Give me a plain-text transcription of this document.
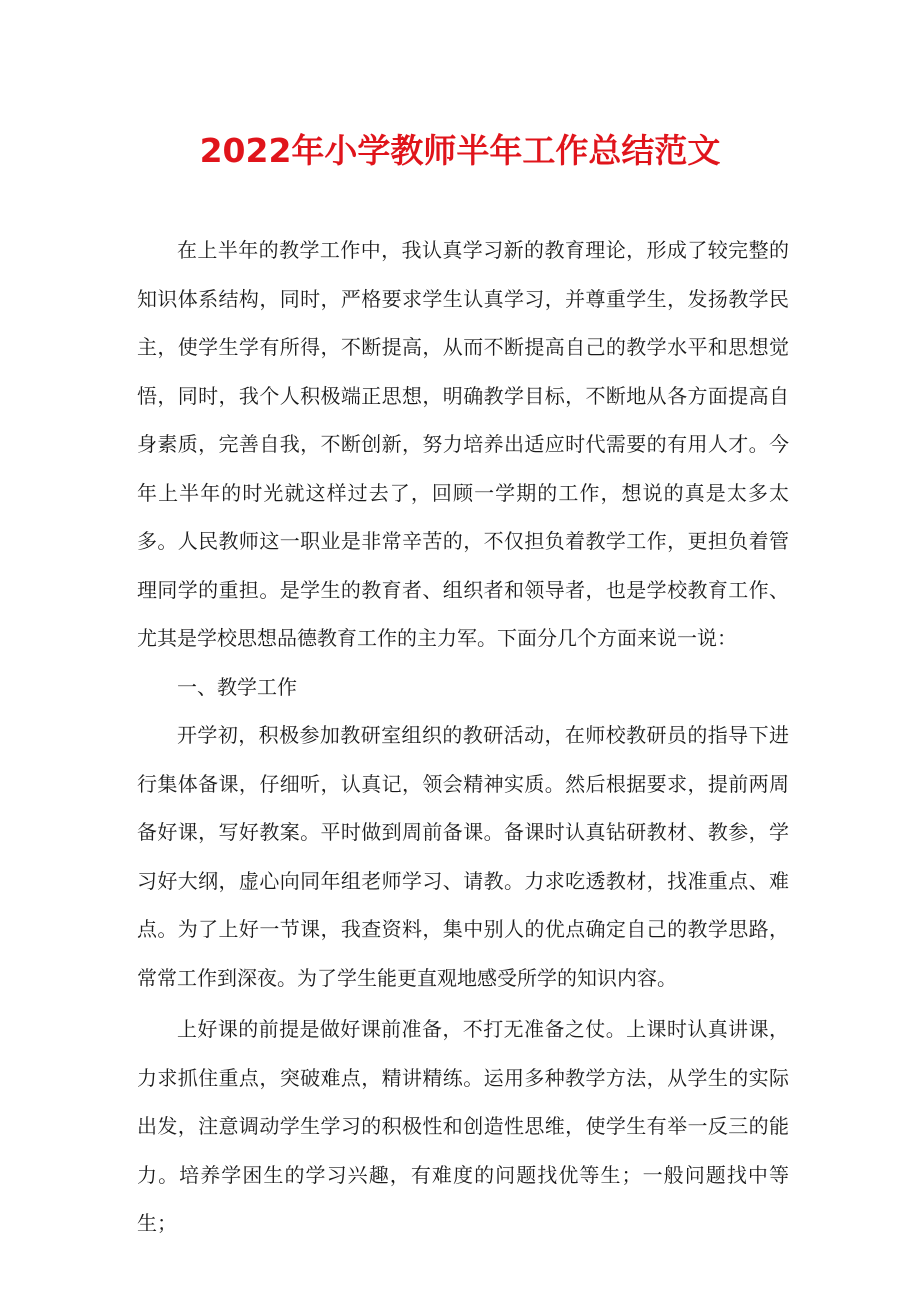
2022年小学教师半年工作总结范文

在上半年的教学工作中，我认真学习新的教育理论，形成了较完整的知识体系结构，同时，严格要求学生认真学习，并尊重学生，发扬教学民主，使学生学有所得，不断提高，从而不断提高自己的教学水平和思想觉悟，同时，我个人积极端正思想，明确教学目标，不断地从各方面提高自身素质，完善自我，不断创新，努力培养出适应时代需要的有用人才。今年上半年的时光就这样过去了，回顾一学期的工作，想说的真是太多太多。人民教师这一职业是非常辛苦的，不仅担负着教学工作，更担负着管理同学的重担。是学生的教育者、组织者和领导者，也是学校教育工作、尤其是学校思想品德教育工作的主力军。下面分几个方面来说一说：

一、教学工作

开学初，积极参加教研室组织的教研活动，在师校教研员的指导下进行集体备课，仔细听，认真记，领会精神实质。然后根据要求，提前两周备好课，写好教案。平时做到周前备课。备课时认真钻研教材、教参，学习好大纲，虚心向同年组老师学习、请教。力求吃透教材，找准重点、难点。为了上好一节课，我查资料，集中别人的优点确定自己的教学思路，常常工作到深夜。为了学生能更直观地感受所学的知识内容。

上好课的前提是做好课前准备，不打无准备之仗。上课时认真讲课，力求抓住重点，突破难点，精讲精练。运用多种教学方法，从学生的实际出发，注意调动学生学习的积极性和创造性思维，使学生有举一反三的能力。培养学困生的学习兴趣，有难度的问题找优等生；一般问题找中等生；
